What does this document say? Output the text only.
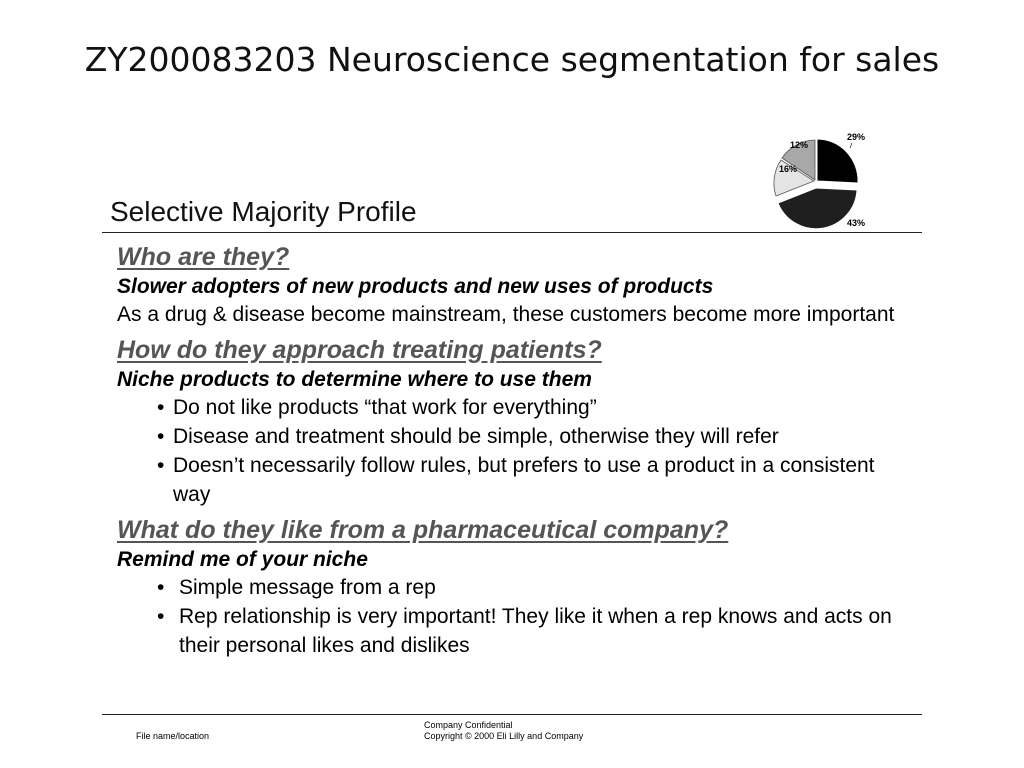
ZY200083203 Neuroscience segmentation for sales
Selective Majority Profile
12%
16%
29%
43%

Who are they?

Slower adopters of new products and new uses of products

As a drug & disease become mainstream, these customers become more important

How do they approach treating patients?

Niche products to determine where to use them

• Do not like products “that work for everything”
• Disease and treatment should be simple, otherwise they will refer
• Doesn’t necessarily follow rules, but prefers to use a product in a consistent way

What do they like from a pharmaceutical company?

Remind me of your niche

• Simple message from a rep
• Rep relationship is very important! They like it when a rep knows and acts on their personal likes and dislikes
File name/location
Company Confidential
Copyright © 2000 Eli Lilly and Company
